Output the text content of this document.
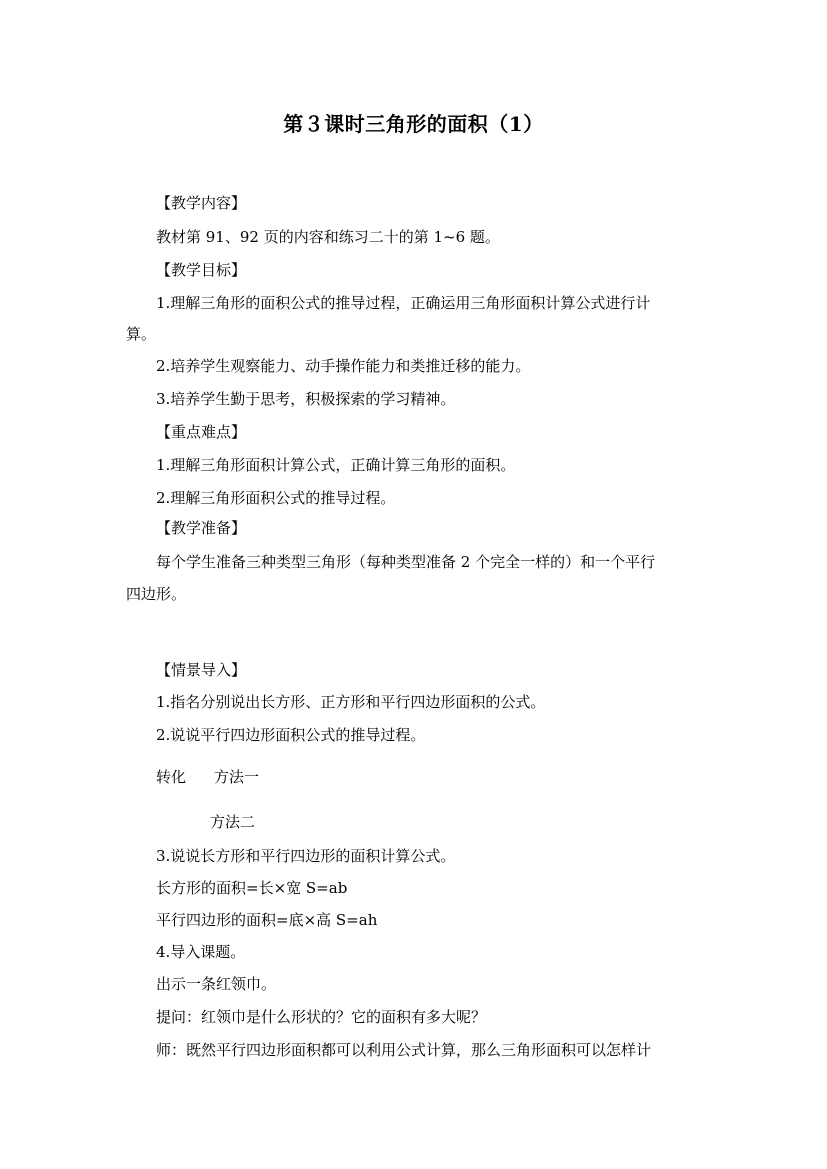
第３课时三角形的面积（1）
【教学内容】
教材第 91、92 页的内容和练习二十的第 1~6 题。
【教学目标】
1.理解三角形的面积公式的推导过程，正确运用三角形面积计算公式进行计
算。
2.培养学生观察能力、动手操作能力和类推迁移的能力。
3.培养学生勤于思考，积极探索的学习精神。
【重点难点】
1.理解三角形面积计算公式，正确计算三角形的面积。
2.理解三角形面积公式的推导过程。
【教学准备】
每个学生准备三种类型三角形（每种类型准备 2 个完全一样的）和一个平行
四边形。
【情景导入】
1.指名分别说出长方形、正方形和平行四边形面积的公式。
2.说说平行四边形面积公式的推导过程。
转化 方法一
方法二
3.说说长方形和平行四边形的面积计算公式。
长方形的面积=长×宽 S=ab
平行四边形的面积=底×高 S=ah
4.导入课题。
出示一条红领巾。
提问：红领巾是什么形状的？它的面积有多大呢？
师：既然平行四边形面积都可以利用公式计算，那么三角形面积可以怎样计
